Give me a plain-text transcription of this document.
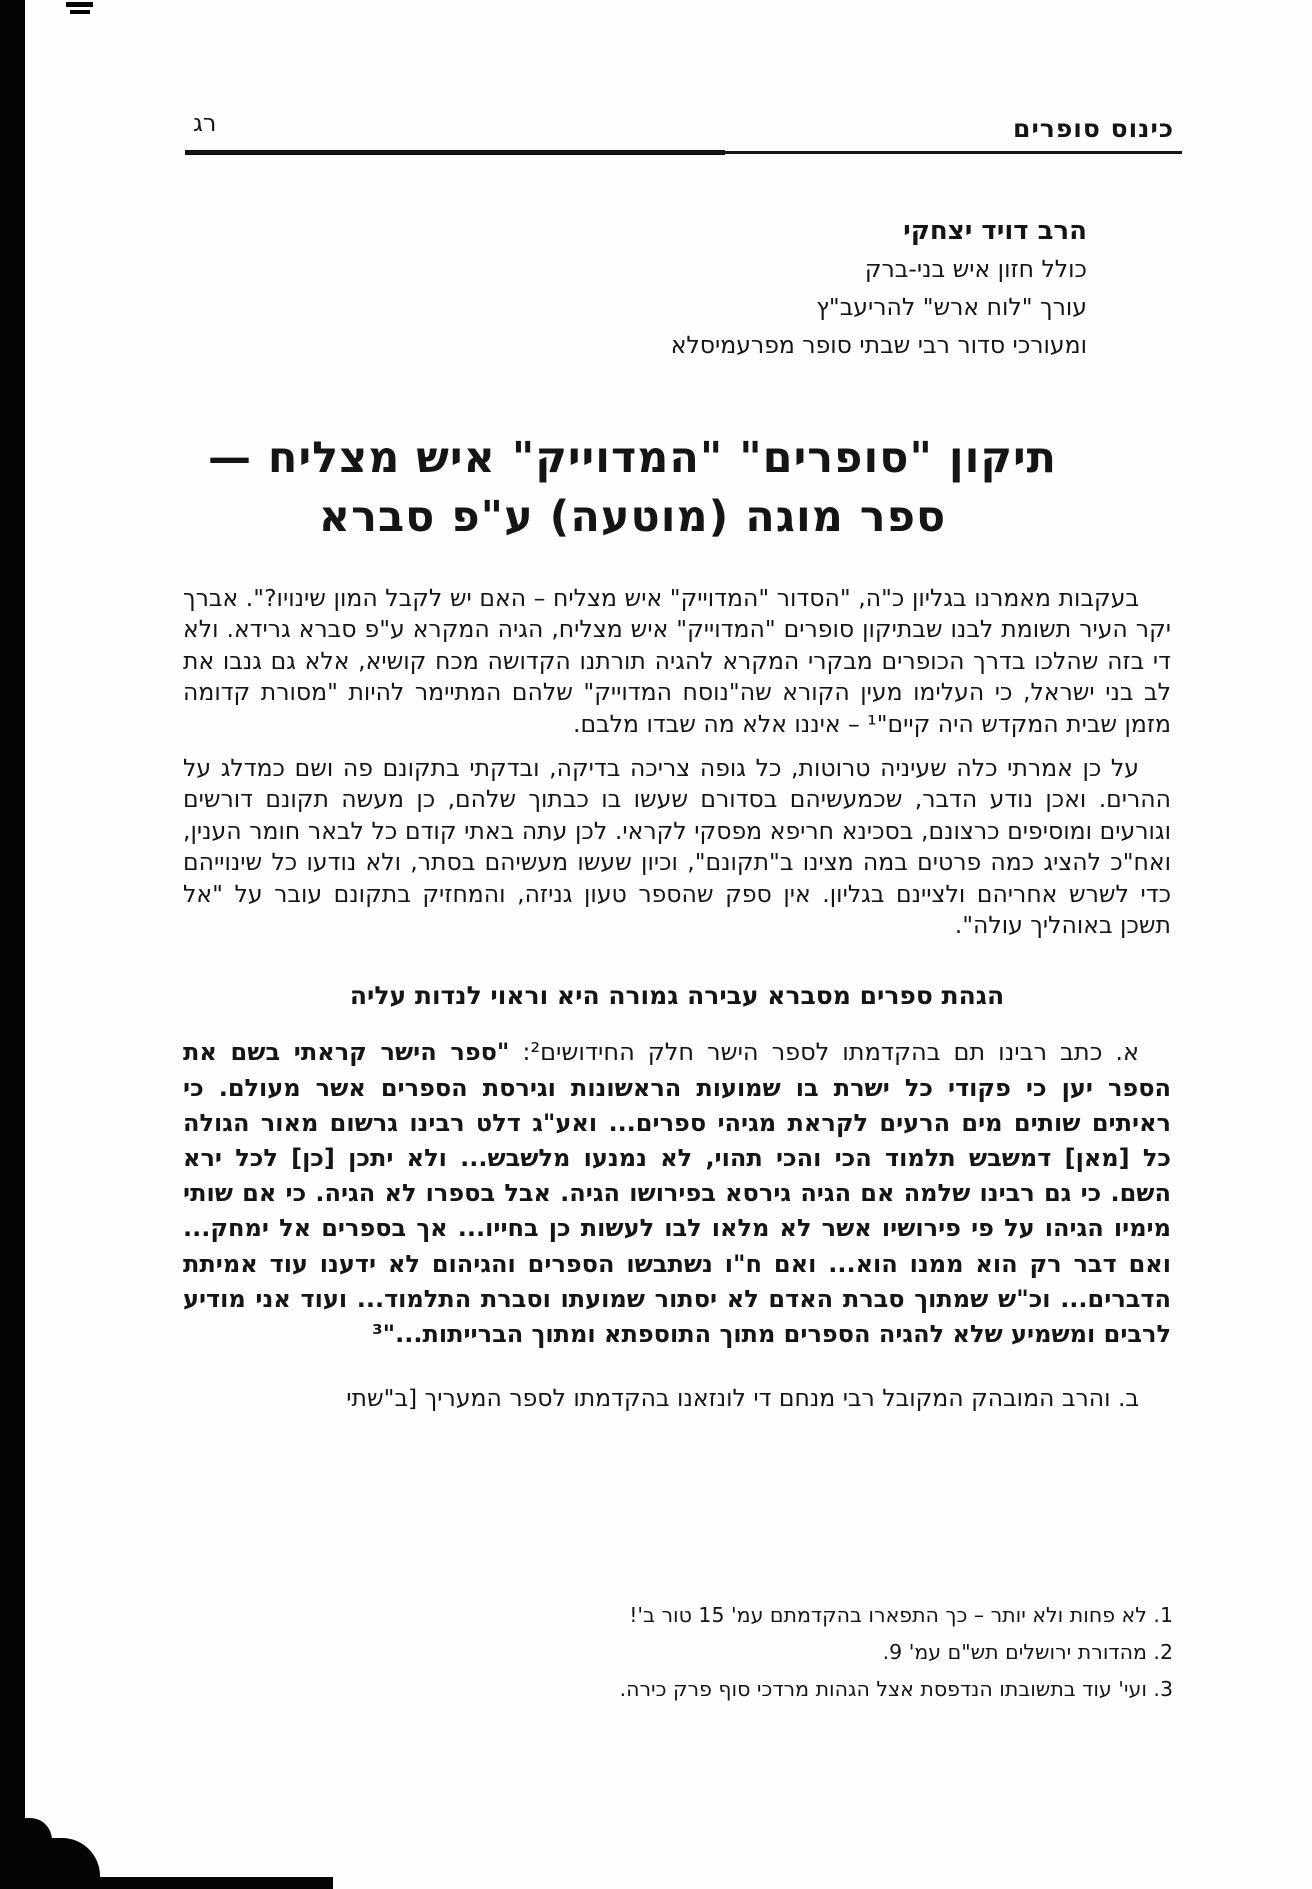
רג	כינוס סופרים
הרב דויד יצחקי
כולל חזון איש בני-ברק
עורך "לוח ארש" להריעב"ץ
ומעורכי סדור רבי שבתי סופר מפרעמיסלא
תיקון "סופרים" "המדוייק" איש מצליח —
ספר מוגה (מוטעה) ע"פ סברא

בעקבות מאמרנו בגליון כ"ה, "הסדור "המדוייק" איש מצליח – האם יש לקבל המון שינויו?". אברך יקר העיר תשומת לבנו שבתיקון סופרים "המדוייק" איש מצליח, הגיה המקרא ע"פ סברא גרידא. ולא די בזה שהלכו בדרך הכופרים מבקרי המקרא להגיה תורתנו הקדושה מכח קושיא, אלא גם גנבו את לב בני ישראל, כי העלימו מעין הקורא שה"נוסח המדוייק" שלהם המתיימר להיות "מסורת קדומה מזמן שבית המקדש היה קיים"¹ – איננו אלא מה שבדו מלבם.

על כן אמרתי כלה שעיניה טרוטות, כל גופה צריכה בדיקה, ובדקתי בתקונם פה ושם כמדלג על ההרים. ואכן נודע הדבר, שכמעשיהם בסדורם שעשו בו כבתוך שלהם, כן מעשה תקונם דורשים וגורעים ומוסיפים כרצונם, בסכינא חריפא מפסקי לקראי. לכן עתה באתי קודם כל לבאר חומר הענין, ואח"כ להציג כמה פרטים במה מצינו ב"תקונם", וכיון שעשו מעשיהם בסתר, ולא נודעו כל שינוייהם כדי לשרש אחריהם ולציינם בגליון. אין ספק שהספר טעון גניזה, והמחזיק בתקונם עובר על "אל תשכן באוהליך עולה".

הגהת ספרים מסברא עבירה גמורה היא וראוי לנדות עליה

א. כתב רבינו תם בהקדמתו לספר הישר חלק החידושים²: "ספר הישר קראתי בשם את הספר יען כי פקודי כל ישרת בו שמועות הראשונות וגירסת הספרים אשר מעולם. כי ראיתים שותים מים הרעים לקראת מגיהי ספרים... ואע"ג דלט רבינו גרשום מאור הגולה כל [מאן] דמשבש תלמוד הכי והכי תהוי, לא נמנעו מלשבש... ולא יתכן [כן] לכל ירא השם. כי גם רבינו שלמה אם הגיה גירסא בפירושו הגיה. אבל בספרו לא הגיה. כי אם שותי מימיו הגיהו על פי פירושיו אשר לא מלאו לבו לעשות כן בחייו... אך בספרים אל ימחק... ואם דבר רק הוא ממנו הוא... ואם ח"ו נשתבשו הספרים והגיהום לא ידענו עוד אמיתת הדברים... וכ"ש שמתוך סברת האדם לא יסתור שמועתו וסברת התלמוד... ועוד אני מודיע לרבים ומשמיע שלא להגיה הספרים מתוך התוספתא ומתוך הברייתות..."³

ב. והרב המובהק המקובל רבי מנחם די לונזאנו בהקדמתו לספר המעריך [ב"שתי

1. לא פחות ולא יותר – כך התפארו בהקדמתם עמ' 15 טור ב'!
2. מהדורת ירושלים תש"ם עמ' 9.
3. ועי' עוד בתשובתו הנדפסת אצל הגהות מרדכי סוף פרק כירה.
